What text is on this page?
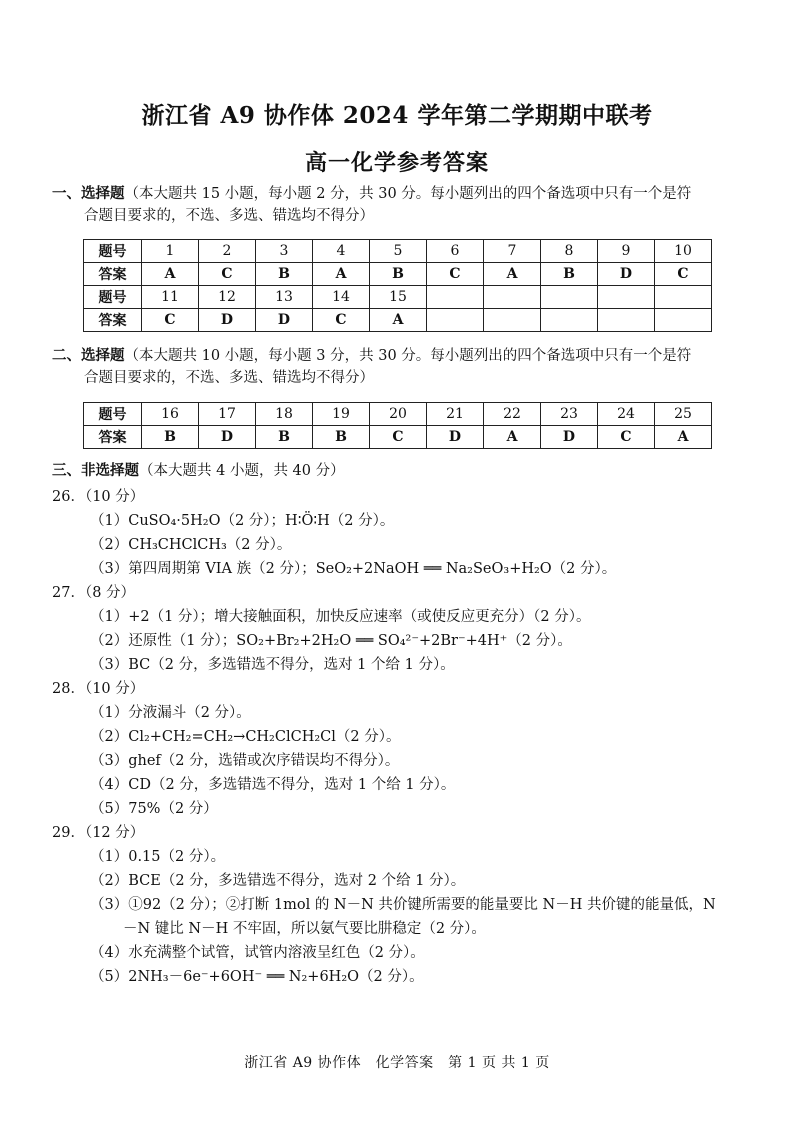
浙江省 A9 协作体 2024 学年第二学期期中联考
高一化学参考答案
一、选择题（本大题共 15 小题，每小题 2 分，共 30 分。每小题列出的四个备选项中只有一个是符
合题目要求的，不选、多选、错选均不得分）
题号	1	2	3	4	5	6	7	8	9	10
答案	A	C	B	A	B	C	A	B	D	C
题号	11	12	13	14	15					
答案	C	D	D	C	A					
二、选择题（本大题共 10 小题，每小题 3 分，共 30 分。每小题列出的四个备选项中只有一个是符
合题目要求的，不选、多选、错选均不得分）
题号	16	17	18	19	20	21	22	23	24	25
答案	B	D	B	B	C	D	A	D	C	A
三、非选择题（本大题共 4 小题，共 40 分）
26．（10 分）
（1）CuSO₄·5H₂O（2 分）；H∶Ö∶H（2 分）。
（2）CH₃CHClCH₃（2 分）。
（3）第四周期第 VIA 族（2 分）；SeO₂+2NaOH ══ Na₂SeO₃+H₂O（2 分）。
27．（8 分）
（1）+2（1 分）；增大接触面积，加快反应速率（或使反应更充分）（2 分）。
（2）还原性（1 分）；SO₂+Br₂+2H₂O ══ SO₄²⁻+2Br⁻+4H⁺（2 分）。
（3）BC（2 分，多选错选不得分，选对 1 个给 1 分）。
28．（10 分）
（1）分液漏斗（2 分）。
（2）Cl₂+CH₂=CH₂→CH₂ClCH₂Cl（2 分）。
（3）ghef（2 分，选错或次序错误均不得分）。
（4）CD（2 分，多选错选不得分，选对 1 个给 1 分）。
（5）75%（2 分）
29．（12 分）
（1）0.15（2 分）。
（2）BCE（2 分，多选错选不得分，选对 2 个给 1 分）。
（3）①92（2 分）；②打断 1mol 的 N－N 共价键所需要的能量要比 N－H 共价键的能量低，N
－N 键比 N－H 不牢固，所以氨气要比肼稳定（2 分）。
（4）水充满整个试管，试管内溶液呈红色（2 分）。
（5）2NH₃－6e⁻+6OH⁻ ══ N₂+6H₂O（2 分）。
浙江省 A9 协作体　化学答案　第 1 页 共 1 页
